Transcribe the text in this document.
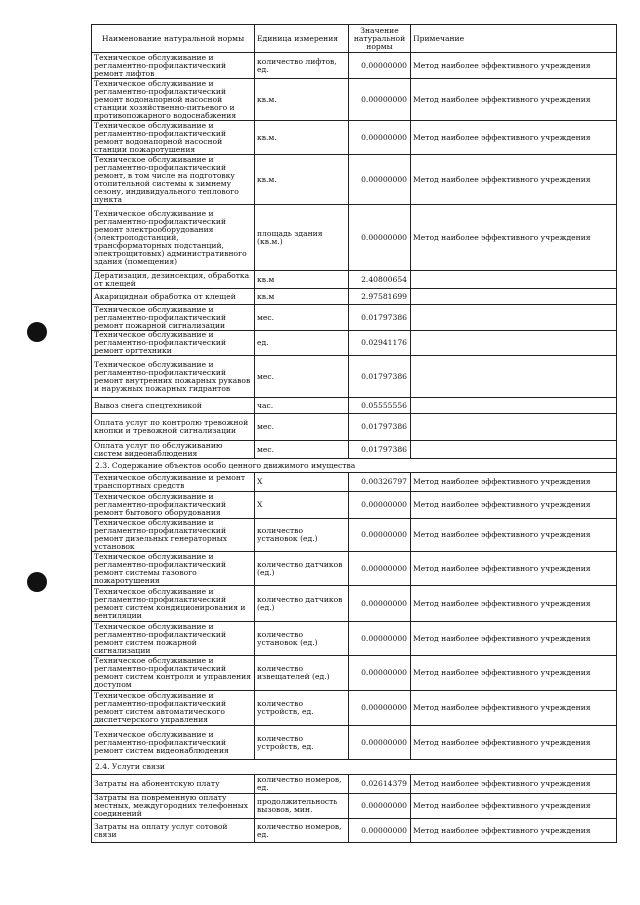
Наименование натуральной нормы	Единица измерения	Значение натуральной нормы	Примечание
Техническое обслуживание и регламентно-профилактический ремонт лифтов	количество лифтов, ед.	0.00000000	Метод наиболее эффективного учреждения
Техническое обслуживание и регламентно-профилактический ремонт водонапорной насосной станции хозяйственно-питьевого и противопожарного водоснабжения	кв.м.	0.00000000	Метод наиболее эффективного учреждения
Техническое обслуживание и регламентно-профилактический ремонт водонапорной насосной станции пожаротушения	кв.м.	0.00000000	Метод наиболее эффективного учреждения
Техническое обслуживание и регламентно-профилактический ремонт, в том числе на подготовку отопительной системы к зимнему сезону, индивидуального теплового пункта	кв.м.	0.00000000	Метод наиболее эффективного учреждения
Техническое обслуживание и регламентно-профилактический ремонт электрооборудования (электроподстанций, трансформаторных подстанций, электрощитовых) административного здания (помещения)	площадь здания (кв.м.)	0.00000000	Метод наиболее эффективного учреждения
Дератизация, дезинсекция, обработка от клещей	кв.м	2.40800654	
Акарицидная обработка от клещей	кв.м	2.97581699	
Техническое обслуживание и регламентно-профилактический ремонт пожарной сигнализации	мес.	0.01797386	
Техническое обслуживание и регламентно-профилактический ремонт оргтехники	ед.	0.02941176	
Техническое обслуживание и регламентно-профилактический ремонт внутренних пожарных рукавов и наружных пожарных гидрантов	мес.	0.01797386	
Вывоз снега спецтехникой	час.	0.05555556	
Оплата услуг по контролю тревожной кнопки и тревожной сигнализации	мес.	0.01797386	
Оплата услуг по обслуживанию систем видеонаблюдения	мес.	0.01797386	
2.3. Содержание объектов особо ценного движимого имущества			
Техническое обслуживание и ремонт транспортных средств	Х	0.00326797	Метод наиболее эффективного учреждения
Техническое обслуживание и регламентно-профилактический ремонт бытового оборудования	Х	0.00000000	Метод наиболее эффективного учреждения
Техническое обслуживание и регламентно-профилактический ремонт дизельных генераторных установок	количество установок (ед.)	0.00000000	Метод наиболее эффективного учреждения
Техническое обслуживание и регламентно-профилактический ремонт системы газового пожаротушения	количество датчиков (ед.)	0.00000000	Метод наиболее эффективного учреждения
Техническое обслуживание и регламентно-профилактический ремонт систем кондиционирования и вентиляции	количество датчиков (ед.)	0.00000000	Метод наиболее эффективного учреждения
Техническое обслуживание и регламентно-профилактический ремонт систем пожарной сигнализации	количество установок (ед.)	0.00000000	Метод наиболее эффективного учреждения
Техническое обслуживание и регламентно-профилактический ремонт систем контроля и управления доступом	количество извещателей (ед.)	0.00000000	Метод наиболее эффективного учреждения
Техническое обслуживание и регламентно-профилактический ремонт систем автоматического диспетчерского управления	количество устройств, ед.	0.00000000	Метод наиболее эффективного учреждения
Техническое обслуживание и регламентно-профилактический ремонт систем видеонаблюдения	количество устройств, ед.	0.00000000	Метод наиболее эффективного учреждения
2.4. Услуги связи			
Затраты на абонентскую плату	количество номеров, ед.	0.02614379	Метод наиболее эффективного учреждения
Затраты на повременную оплату местных, междугородних телефонных соединений	продолжительность вызовов, мин.	0.00000000	Метод наиболее эффективного учреждения
Затраты на оплату услуг сотовой связи	количество номеров, ед.	0.00000000	Метод наиболее эффективного учреждения
